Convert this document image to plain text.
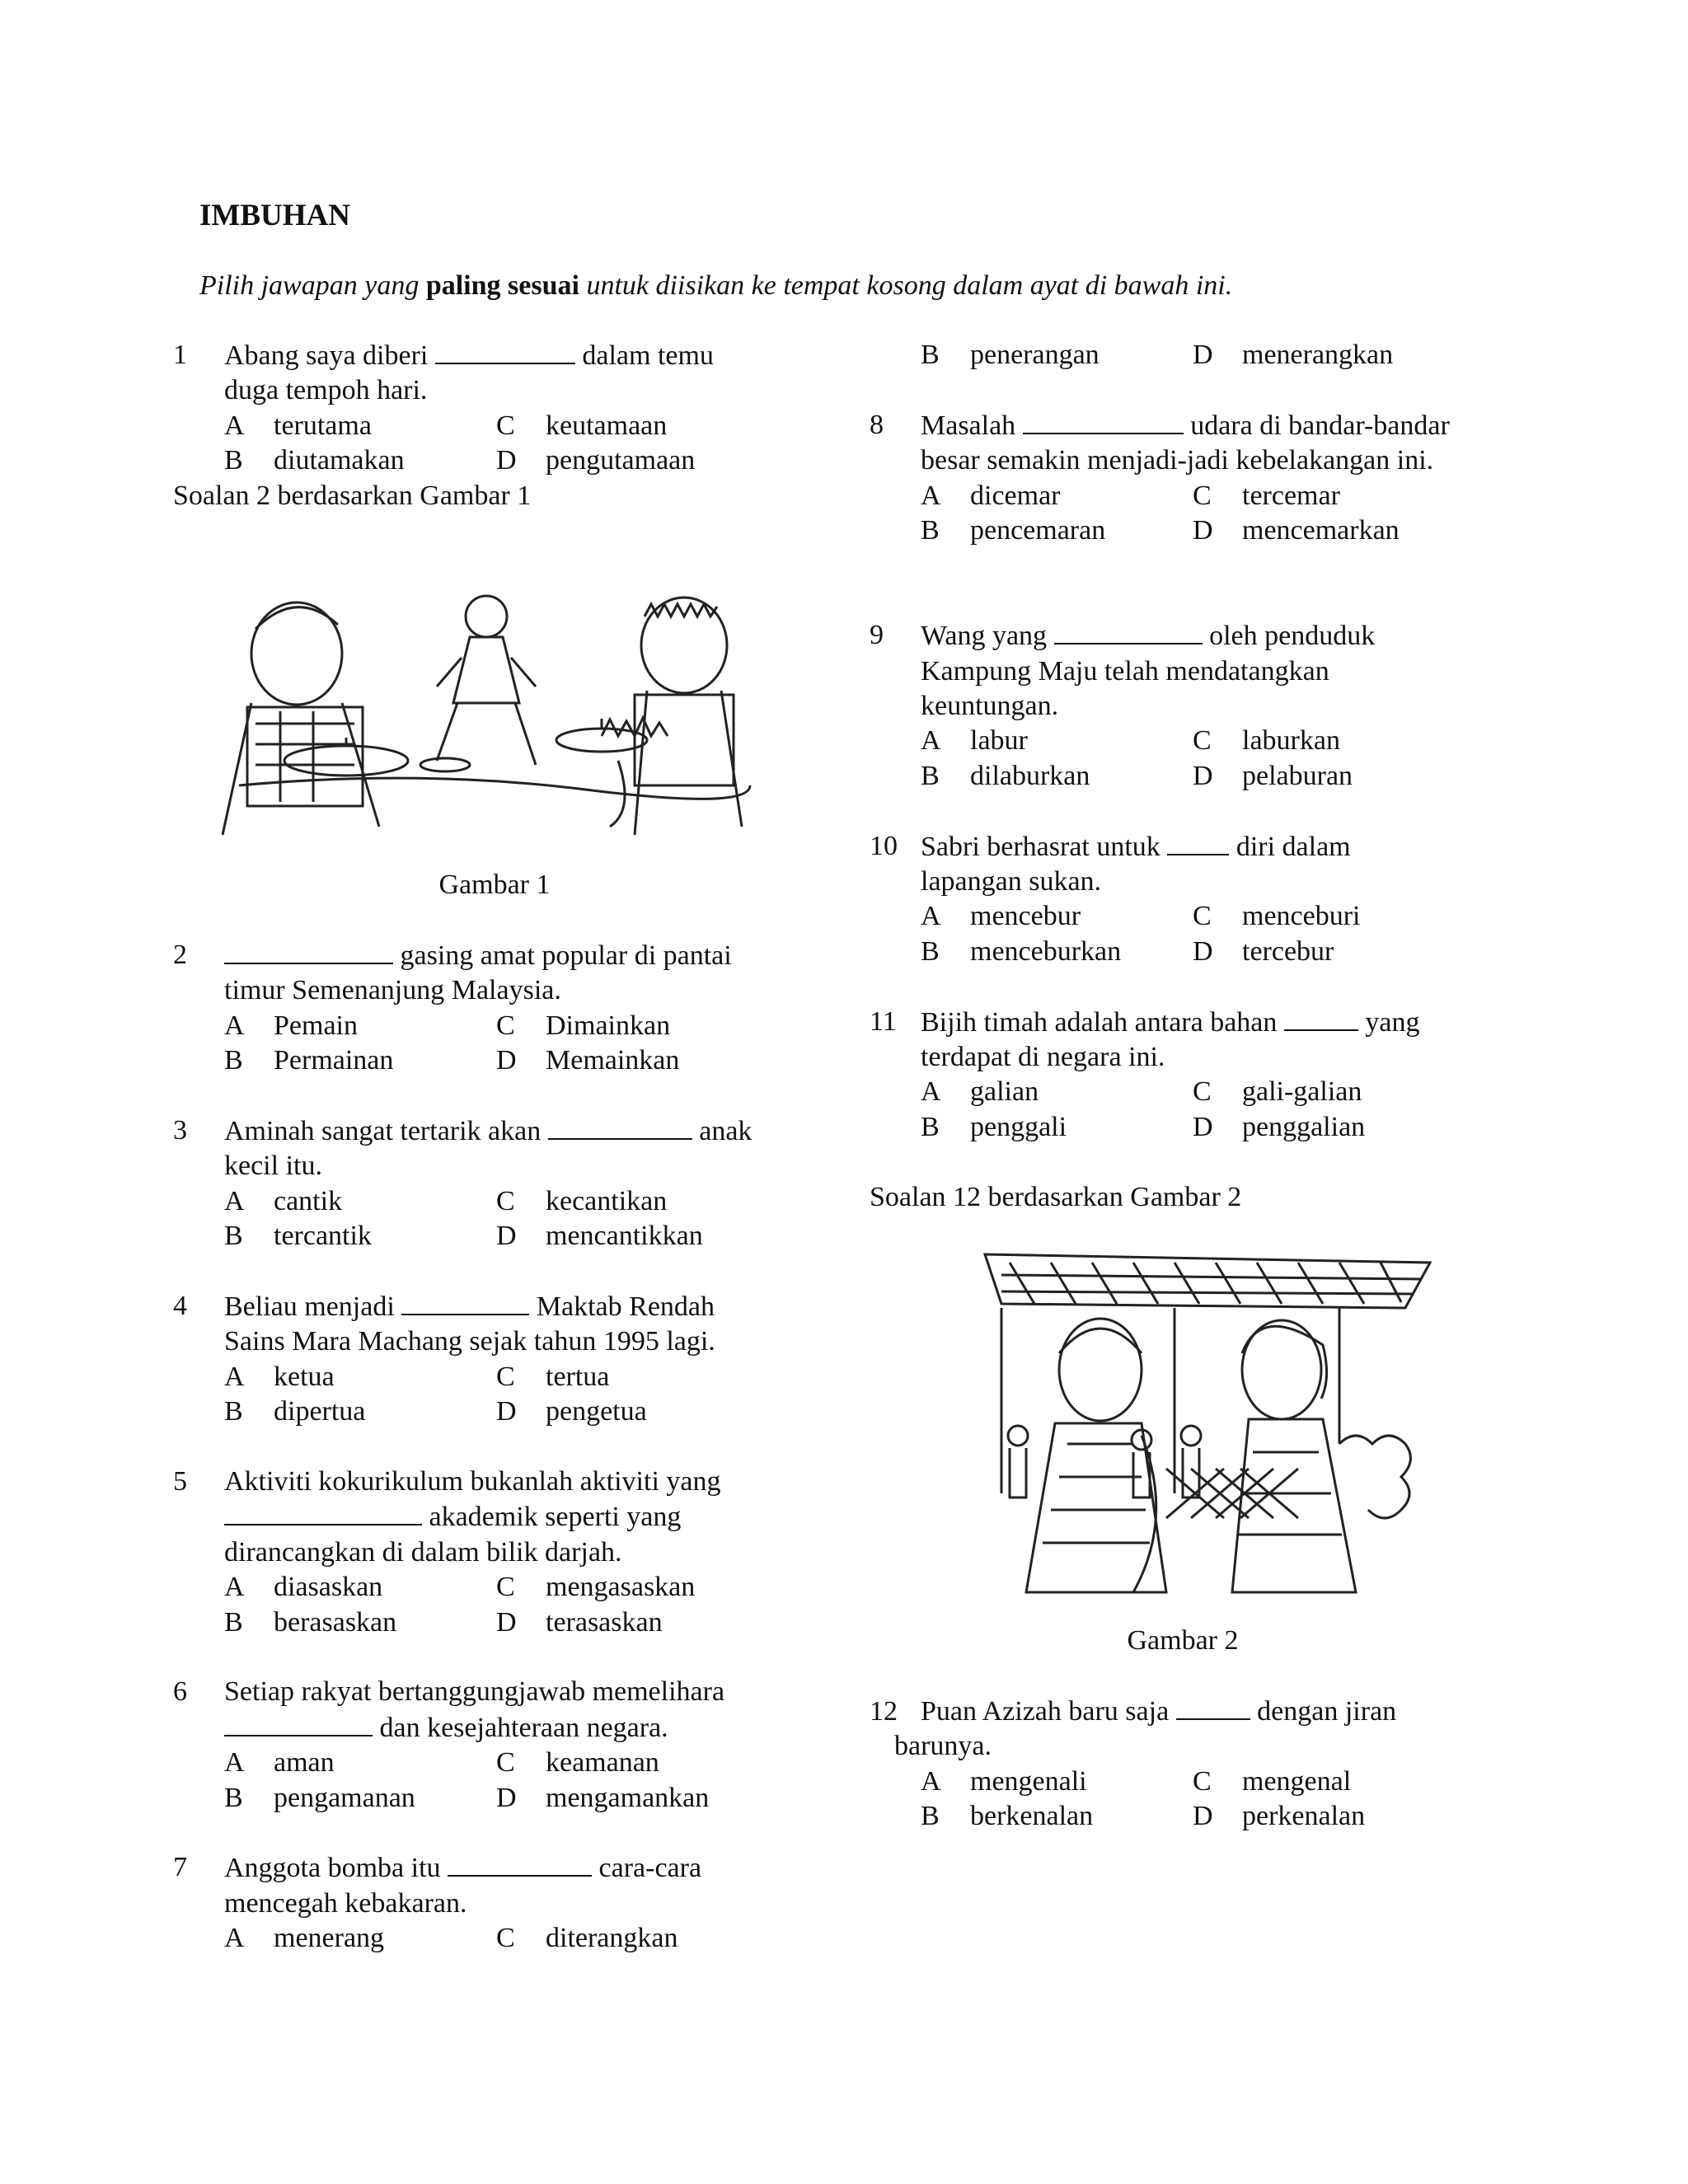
IMBUHAN
Pilih jawapan yang paling sesuai untuk diisikan ke tempat kosong dalam ayat di bawah ini.
1 Abang saya diberi	dalam temu

duga tempoh hari.

A	terutama	C	keutamaan
B	diutamakan	D	pengutamaan

Soalan 2 berdasarkan Gambar 1

Gambar 1

2	gasing amat popular di pantai

timur Semenanjung Malaysia.

A	Pemain	C	Dimainkan
B	Permainan	D	Memainkan
3 Aminah sangat tertarik akan	anak

kecil itu.

A	cantik	C	kecantikan
B	tercantik	D	mencantikkan
4 Beliau menjadi	Maktab Rendah

Sains Mara Machang sejak tahun 1995 lagi.

A	ketua	C	tertua
B	dipertua	D	pengetua
5 Aktiviti kokurikulum bukanlah aktiviti yang

akademik seperti yang

dirancangkan di dalam bilik darjah.

A	diasaskan	C	mengasaskan
B	berasaskan	D	terasaskan
6 Setiap rakyat bertanggungjawab memelihara

dan kesejahteraan negara.

A	aman	C	keamanan
B	pengamanan	D	mengamankan
7 Anggota bomba itu	cara-cara

mencegah kebakaran.

A	menerang	C	diterangkan
B	penerangan	D	menerangkan
8 Masalah	udara di bandar-bandar

besar semakin menjadi-jadi kebelakangan ini.

A	dicemar	C	tercemar
B	pencemaran	D	mencemarkan
9 Wang yang	oleh penduduk

Kampung Maju telah mendatangkan

keuntungan.

A	labur	C	laburkan
B	dilaburkan	D	pelaburan
10 Sabri berhasrat untuk  diri dalam

lapangan sukan.

A	mencebur	C	menceburi
B	menceburkan	D	tercebur
11 Bijih timah adalah antara bahan	yang

terdapat di negara ini.

A	galian	C	gali-galian
B	penggali	D	penggalian

Soalan 12 berdasarkan Gambar 2

Gambar 2

12 Puan Azizah baru saja	dengan jiran

barunya.

A	mengenali	C	mengenal
B	berkenalan	D	perkenalan
